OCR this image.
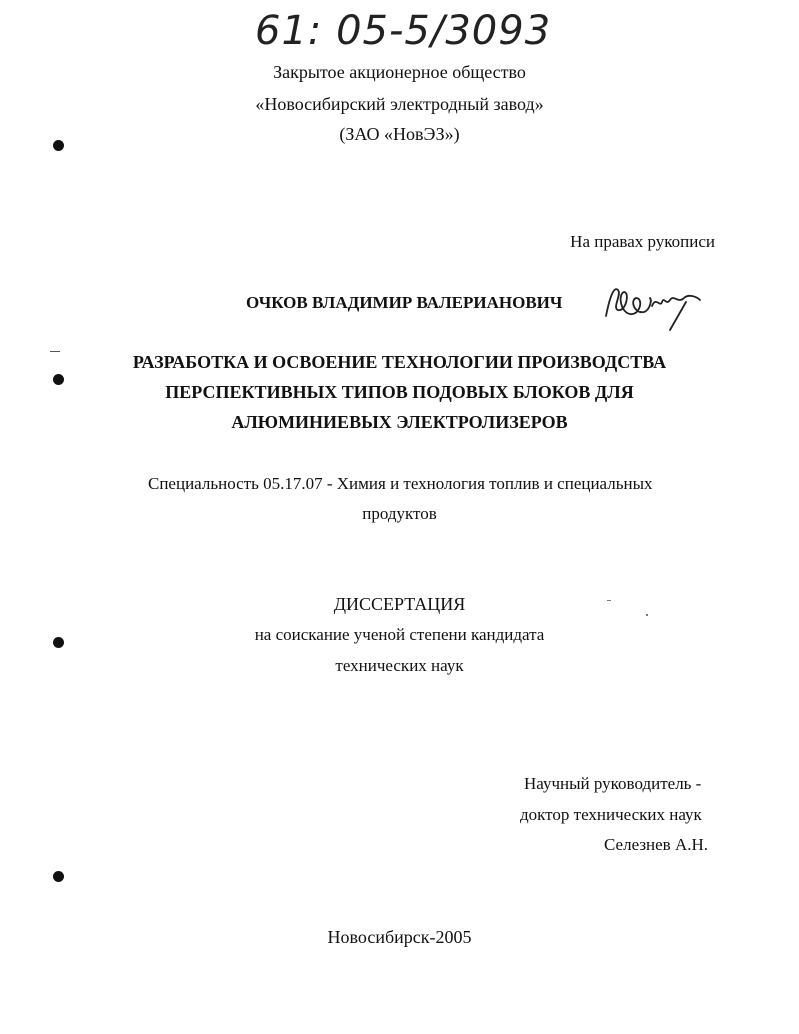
61: 05-5/3093
Закрытое акционерное общество
«Новосибирский электродный завод»
(ЗАО «НовЭЗ»)
На правах рукописи
ОЧКОВ ВЛАДИМИР ВАЛЕРИАНОВИЧ
РАЗРАБОТКА И ОСВОЕНИЕ ТЕХНОЛОГИИ ПРОИЗВОДСТВА
ПЕРСПЕКТИВНЫХ ТИПОВ ПОДОВЫХ БЛОКОВ ДЛЯ
АЛЮМИНИЕВЫХ ЭЛЕКТРОЛИЗЕРОВ
Специальность 05.17.07 - Химия и технология топлив и специальных
продуктов
ДИССЕРТАЦИЯ
на соискание ученой степени кандидата
технических наук
Научный руководитель -
доктор технических наук
Селезнев А.Н.
Новосибирск-2005
